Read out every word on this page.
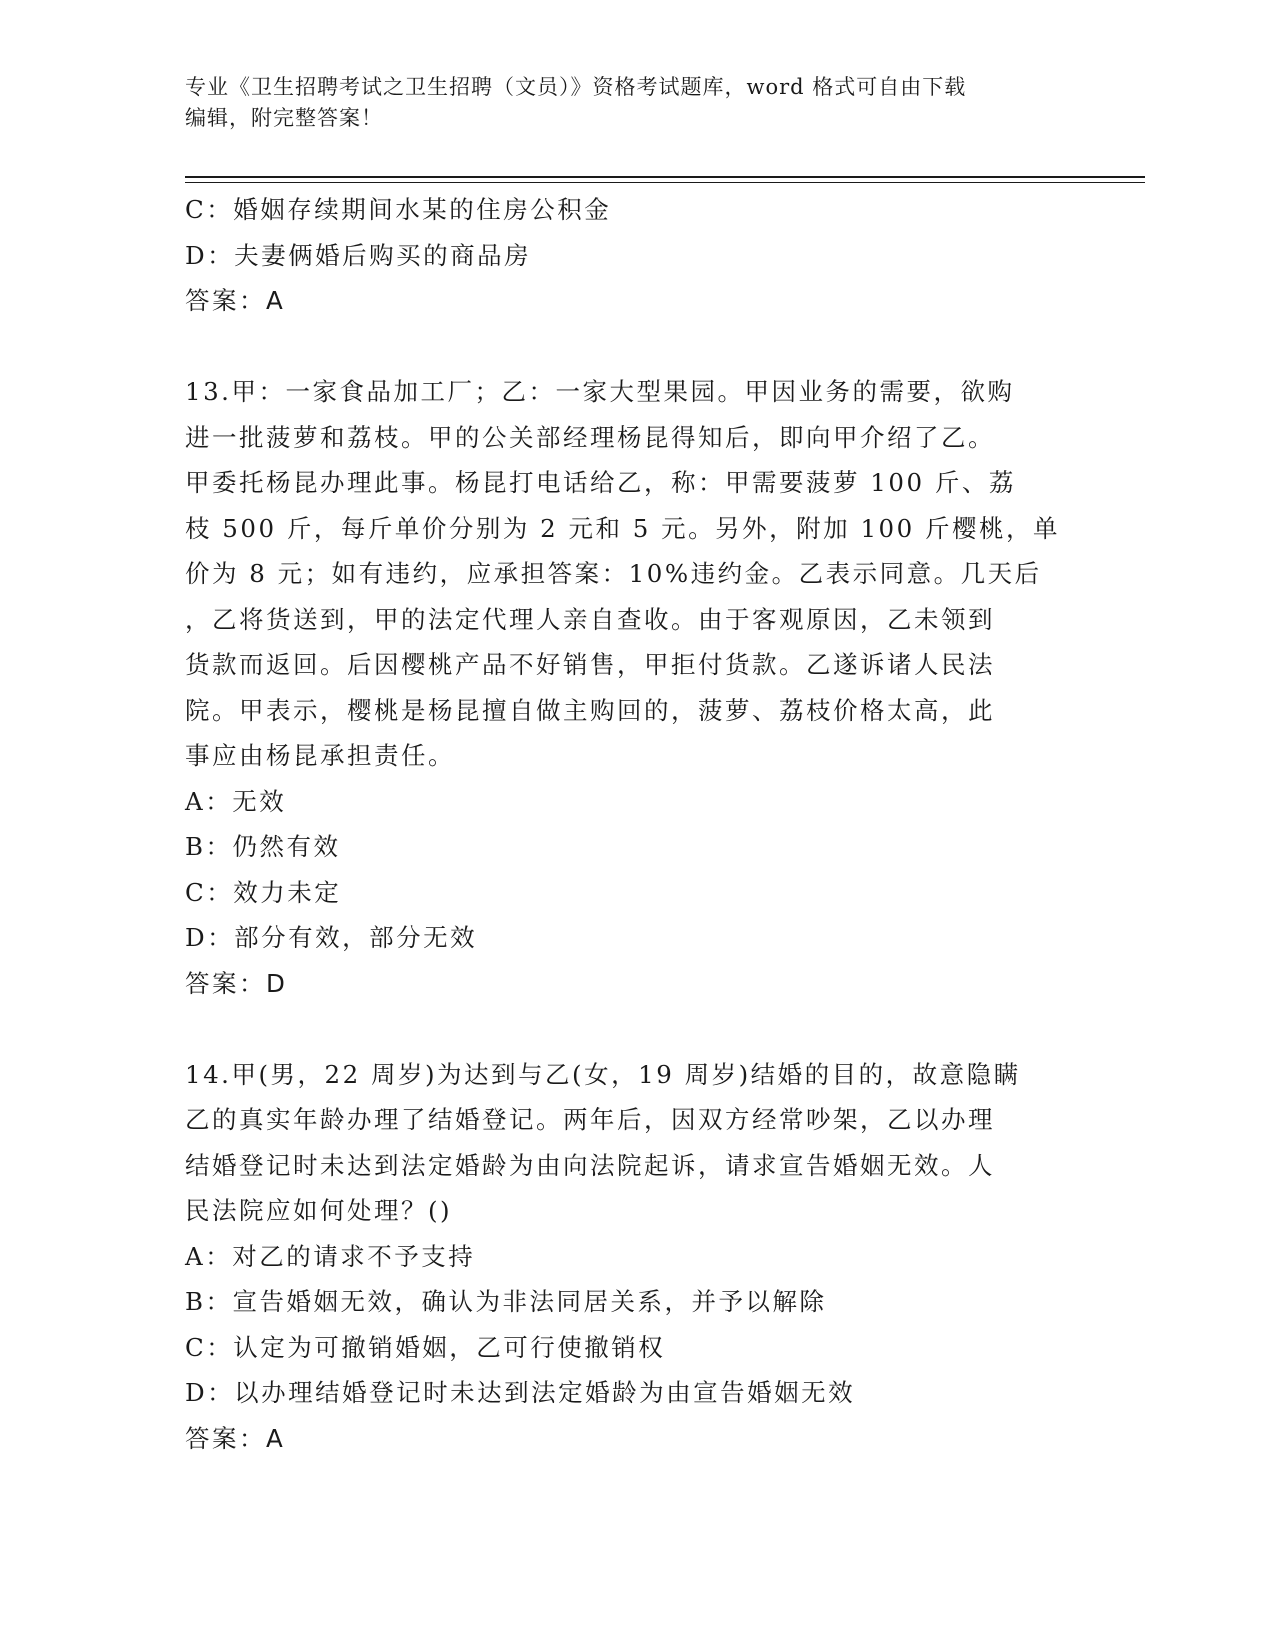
专业《卫生招聘考试之卫生招聘（文员）》资格考试题库，word 格式可自由下载
编辑，附完整答案！
C：婚姻存续期间水某的住房公积金
D：夫妻俩婚后购买的商品房
答案：A
13.甲：一家食品加工厂；乙：一家大型果园。甲因业务的需要，欲购
进一批菠萝和荔枝。甲的公关部经理杨昆得知后，即向甲介绍了乙。
甲委托杨昆办理此事。杨昆打电话给乙，称：甲需要菠萝 100 斤、荔
枝 500 斤，每斤单价分别为 2 元和 5 元。另外，附加 100 斤樱桃，单
价为 8 元；如有违约，应承担答案：10%违约金。乙表示同意。几天后
，乙将货送到，甲的法定代理人亲自查收。由于客观原因，乙未领到
货款而返回。后因樱桃产品不好销售，甲拒付货款。乙遂诉诸人民法
院。甲表示，樱桃是杨昆擅自做主购回的，菠萝、荔枝价格太高，此
事应由杨昆承担责任。
A：无效
B：仍然有效
C：效力未定
D：部分有效，部分无效
答案：D
14.甲(男，22 周岁)为达到与乙(女，19 周岁)结婚的目的，故意隐瞒
乙的真实年龄办理了结婚登记。两年后，因双方经常吵架，乙以办理
结婚登记时未达到法定婚龄为由向法院起诉，请求宣告婚姻无效。人
民法院应如何处理？()
A：对乙的请求不予支持
B：宣告婚姻无效，确认为非法同居关系，并予以解除
C：认定为可撤销婚姻，乙可行使撤销权
D：以办理结婚登记时未达到法定婚龄为由宣告婚姻无效
答案：A
